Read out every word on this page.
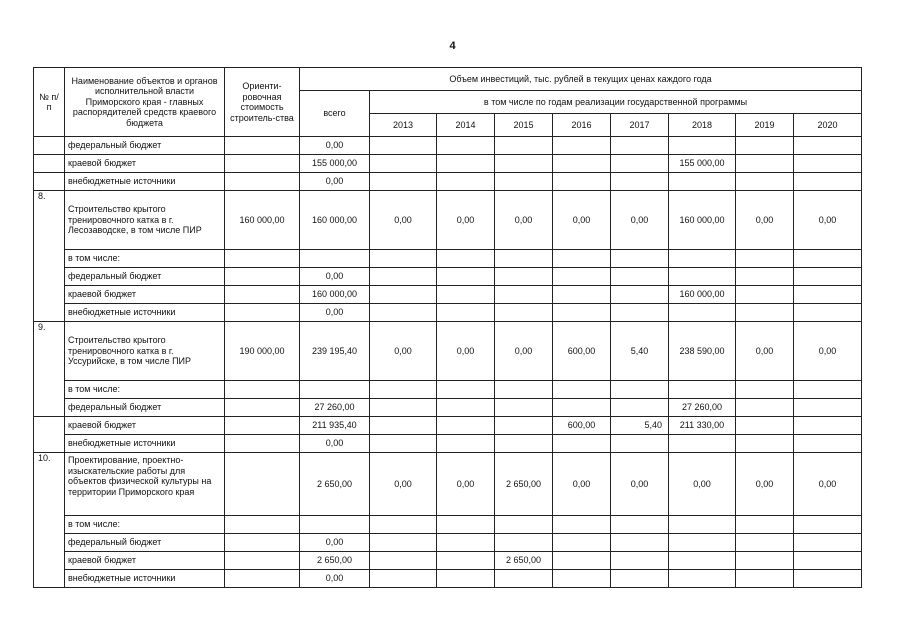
4
№ п/п	Наименование объектов и органов исполнительной власти Приморского края - главных распорядителей средств краевого бюджета	Ориенти-ровочная стоимость строитель-ства	Объем инвестиций, тыс. рублей в текущих ценах каждого года								
			всего	в том числе по годам реализации государственной программы							
				2013	2014	2015	2016	2017	2018	2019	2020
	федеральный бюджет		0,00								
	краевой бюджет		155 000,00						155 000,00		
	внебюджетные источники		0,00								
8.	Строительство крытого тренировочного катка в г. Лесозаводске, в том числе ПИР	160 000,00	160 000,00	0,00	0,00	0,00	0,00	0,00	160 000,00	0,00	0,00
	в том числе:										
	федеральный бюджет		0,00								
	краевой бюджет		160 000,00						160 000,00		
	внебюджетные источники		0,00								
9.	Строительство крытого тренировочного катка в г. Уссурийске, в том числе ПИР	190 000,00	239 195,40	0,00	0,00	0,00	600,00	5,40	238 590,00	0,00	0,00
	в том числе:										
	федеральный бюджет		27 260,00						27 260,00		
	краевой бюджет		211 935,40				600,00	5,40	211 330,00		
	внебюджетные источники		0,00								
10.	Проектирование, проектно-изыскательские работы для объектов физической культуры на территории Приморского края		2 650,00	0,00	0,00	2 650,00	0,00	0,00	0,00	0,00	0,00
	в том числе:										
	федеральный бюджет		0,00								
	краевой бюджет		2 650,00			2 650,00					
	внебюджетные источники		0,00								
